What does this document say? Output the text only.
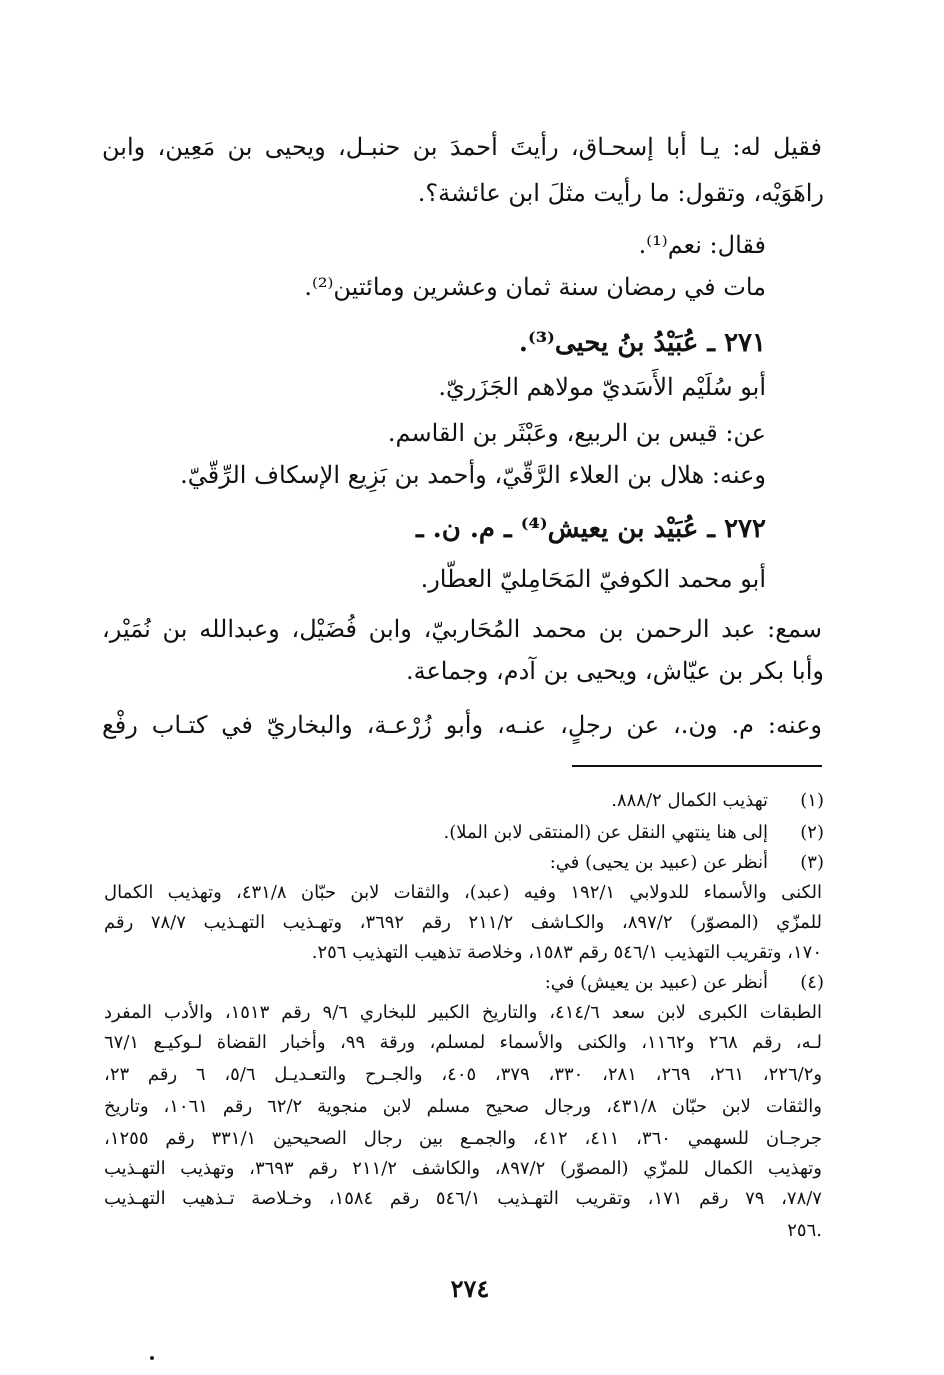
فقيل له: يـا أبا إسحـاق، رأيتَ أحمدَ بن حنبـل، ويحيى بن مَعِين، وابن
راهَوَيْه، وتقول: ما رأيت مثلَ ابن عائشة؟.
فقال: نعم⁽¹⁾.
مات في رمضان سنة ثمان وعشرين ومائتين⁽²⁾.
٢٧١ ـ عُبَيْدُ بنُ يحيى⁽³⁾.
أبو سُلَيْم الأَسَديّ مولاهم الجَزَريّ.
عن: قيس بن الربيع، وعَبْثَر بن القاسم.
وعنه: هلال بن العلاء الرَّقّيّ، وأحمد بن بَزِيع الإسكاف الرِّقّيّ.
٢٧٢ ـ عُبَيْد بن يعيش⁽⁴⁾ ـ م. ن. ـ
أبو محمد الكوفيّ المَحَامِليّ العطّار.
سمع: عبد الرحمن بن محمد المُحَاربيّ، وابن فُضَيْل، وعبدالله بن نُمَيْر،
وأبا بكر بن عيّاش، ويحيى بن آدم، وجماعة.
وعنه: م. ون.، عن رجلٍ، عنـه، وأبو زُرْعـة، والبخاريّ في كتـاب رفْع
(١)
تهذيب الكمال ٨٨٨/٢.
(٢)
إلى هنا ينتهي النقل عن (المنتقى لابن الملا).
(٣)
أنظر عن (عبيد بن يحيى) في:
الكنى والأسماء للدولابي ١٩٢/١ وفيه (عبد)، والثقات لابن حبّان ٤٣١/٨، وتهذيب الكمال
للمزّي (المصوّر) ٨٩٧/٢، والكـاشف ٢١١/٢ رقم ٣٦٩٢، وتهـذيب التهـذيب ٧٨/٧ رقم
١٧٠، وتقريب التهذيب ٥٤٦/١ رقم ١٥٨٣، وخلاصة تذهيب التهذيب ٢٥٦.
(٤)
أنظر عن (عبيد بن يعيش) في:
الطبقات الكبرى لابن سعد ٤١٤/٦، والتاريخ الكبير للبخاري ٩/٦ رقم ١٥١٣، والأدب المفرد
لـه، رقم ٢٦٨ و١١٦٢، والكنى والأسماء لمسلم، ورقة ٩٩، وأخبار القضاة لـوكيـع ٦٧/١
و٢٢٦/٢، ٢٦١، ٢٦٩، ٢٨١، ٣٣٠، ٣٧٩، ٤٠٥، والجـرح والتعـديـل ٥/٦، ٦ رقم ٢٣،
والثقات لابن حبّان ٤٣١/٨، ورجال صحيح مسلم لابن منجوية ٦٢/٢ رقم ١٠٦١، وتاريخ
جرجـان للسهمي ٣٦٠، ٤١١، ٤١٢، والجمـع بين رجال الصحيحين ٣٣١/١ رقم ١٢٥٥،
وتهذيب الكمال للمزّي (المصوّر) ٨٩٧/٢، والكاشف ٢١١/٢ رقم ٣٦٩٣، وتهذيب التهـذيب
٧٨/٧، ٧٩ رقم ١٧١، وتقريب التهـذيب ٥٤٦/١ رقم ١٥٨٤، وخـلاصة تـذهيب التهـذيب
٢٥٦.
٢٧٤
